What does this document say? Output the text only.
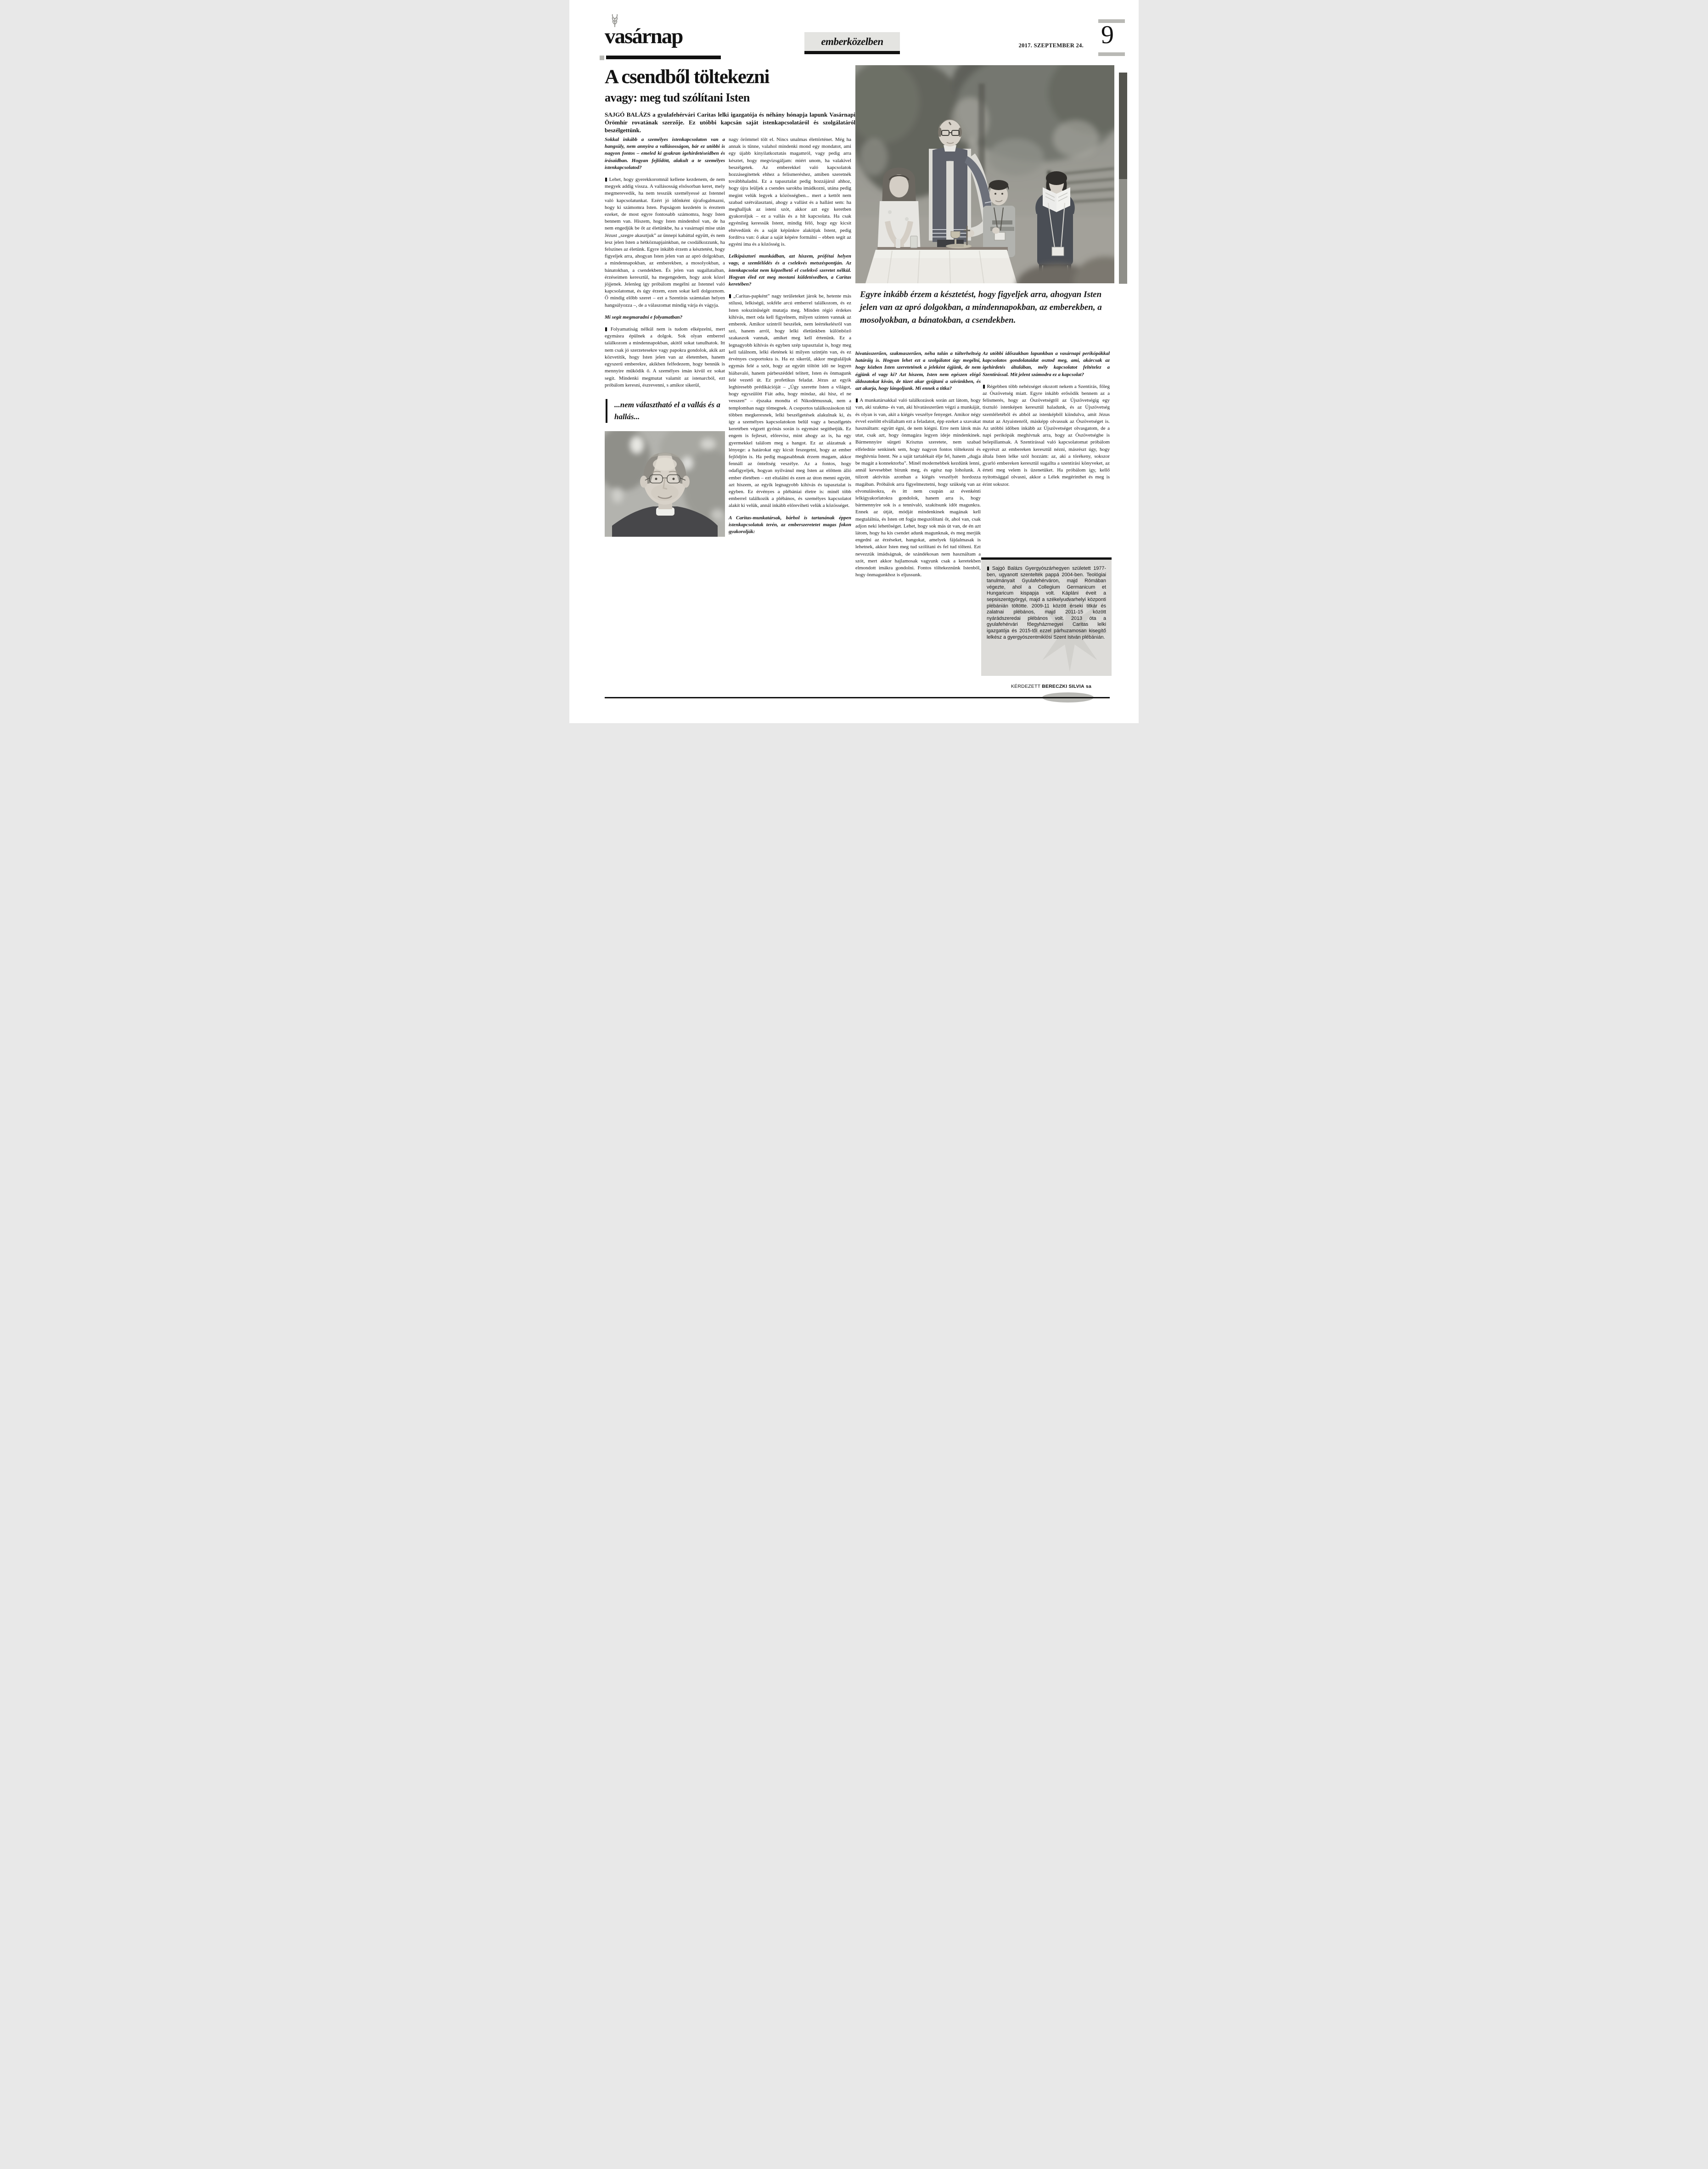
vasárnap	emberközelben	2017. SZEPTEMBER 24. 9
A csendből töltekezni
avagy: meg tud szólítani Isten

SAJGÓ BALÁZS a gyulafehérvári Caritas lelki igazgatója és néhány hónapja lapunk Vasárnapi Örömhír rovatának szerzője. Ez utóbbi kapcsán saját istenkapcsolatáról és szolgálatáról beszélgettünk.

Egyre inkább érzem a késztetést, hogy figyeljek arra, ahogyan Isten jelen van az apró dolgokban, a mindennapokban, az emberekben, a mosolyokban, a bánatokban, a csendekben.

Sokkal inkább a személyes istenkapcsolaton van a hangsúly, nem annyira a vallásosságon, bár ez utóbbi is nagyon fontos – emeled ki gyakran igehirdetéseidben és írásaidban. Hogyan fejlődött, alakult a te személyes istenkapcsolatod?

▮ Lehet, hogy gyerekkoromnál kellene kezdenem, de nem megyek addig vissza. A vallásosság elsősorban keret, mely megmerevedik, ha nem tesszük személyessé az Istennel való kapcsolatunkat. Ezért jó időnként újrafogalmazni, hogy ki számomra Isten. Papságom kezdetén is éreztem ezeket, de most egyre fontosabb számomra, hogy Isten bennem van. Hiszem, hogy Isten mindenhol van, de ha nem engedjük be őt az életünkbe, ha a vasárnapi mise után Jézust „szegre akasztjuk” az ünnepi kabáttal együtt, és nem lesz jelen Isten a hétköznapjainkban, ne csodálkozzunk, ha felszínes az életünk. Egyre inkább érzem a késztetést, hogy figyeljek arra, ahogyan Isten jelen van az apró dolgokban, a mindennapokban, az emberekben, a mosolyokban, a bánatokban, a csendekben. És jelen van sugallataiban, érzéseimen keresztül, ha megengedem, hogy azok közel jöjjenek. Jelenleg így próbálom megélni az Istennel való kapcsolatomat, és úgy érzem, ezen sokat kell dolgoznom. Ő mindig előbb szeret – ezt a Szentírás számtalan helyen hangsúlyozza –, de a válaszomat mindig várja és vágyja.

Mi segít megmaradni e folyamatban?

▮ Folyamatiság nélkül nem is tudom elképzelni, mert egymásra épülnek a dolgok. Sok olyan emberrel találkozom a mindennapokban, akitől sokat tanulhatok. Itt nem csak jó szerzetesekre vagy papokra gondolok, akik azt közvetítik, hogy Isten jelen van az életemben, hanem egyszerű emberekre, akikben felfedezem, hogy bennük is mennyire működik ő. A személyes imán kívül ez sokat segít. Mindenki megmutat valamit az istenarcból, ezt próbálom keresni, észrevenni, s amikor sikerül,

...nem választható el a vallás és a hallás...

nagy örömmel tölt el. Nincs unalmas élettörténet. Még ha annak is tűnne, valahol mindenki mond egy mondatot, ami egy újabb kinyilatkoztatás magamról, vagy pedig arra késztet, hogy megvizsgáljam: miért unom, ha valakivel beszélgetek. Az emberekkel való kapcsolatok hozzásegítettek ehhez a felismeréshez, amiben szeretnék továbbhaladni. Ez a tapasztalat pedig hozzájárul ahhoz, hogy újra leüljek a csendes sarokba imádkozni, utána pedig megint velük legyek a közösségben... mert a kettőt nem szabad szétválasztani, ahogy a vallást és a hallást sem: ha meghalljuk az isteni szót, akkor azt egy keretben gyakoroljuk – ez a vallás és a hit kapcsolata. Ha csak egyénileg keressük Istent, mindig félő, hogy egy kicsit eltévedünk és a saját képünkre alakítjuk Istent, pedig fordítva van: ő akar a saját képére formálni – ebben segít az egyéni ima és a közösség is.

Lelkipásztori munkádban, azt hiszem, prófétai helyen vagy, a szemlélődés és a cselekvés metszéspontján. Az istenkapcsolat nem képzelhető el cselekvő szeretet nélkül. Hogyan éled ezt meg mostani küldetésedben, a Caritas keretében?

▮ „Caritas-papként” nagy területeket járok be, hetente más stílusú, lelkiségű, sokféle arcú emberrel találkozom, és ez Isten sokszínűségét mutatja meg. Minden régió érdekes kihívás, mert oda kell figyelnem, milyen szinten vannak az emberek. Amikor szintről beszélek, nem leértékelésről van szó, hanem arról, hogy lelki életünkben különböző szakaszok vannak, amiket meg kell értenünk. Ez a legnagyobb kihívás és egyben szép tapasztalat is, hogy meg kell találnom, lelki életének ki milyen szintjén van, és ez érvényes csoportokra is. Ha ez sikerül, akkor megtaláljuk egymás felé a szót, hogy az együtt töltött idő ne legyen hiábavaló, hanem párbeszéddel telített, Isten és önmagunk felé vezető út. Ez profetikus feladat. Jézus az egyik leghíresebb prédikációját – „Úgy szerette Isten a világot, hogy egyszülött Fiát adta, hogy mindaz, aki hisz, el ne vesszen” – éjszaka mondta el Nikodémusnak, nem a templomban nagy tömegnek. A csoportos találkozásokon túl többen megkeresnek, lelki beszélgetések alakulnak ki, és így a személyes kapcsolatokon belül vagy a beszélgetés keretében végzett gyónás során is egymást segíthetjük. Ez engem is fejleszt, előrevisz, mint ahogy az is, ha egy gyermekkel találom meg a hangot. Ez az alázatnak a lényege: a határokat egy kicsit feszegetni, hogy az ember fejlődjön is. Ha pedig magasabbnak érzem magam, akkor fennáll az önteltség veszélye. Az a fontos, hogy odafigyeljek, hogyan nyilvánul meg Isten az előttem álló ember életében – ezt eltalálni és ezen az úton menni együtt, azt hiszem, az egyik legnagyobb kihívás és tapasztalat is egyben. Ez érvényes a plébániai életre is: minél több emberrel találkozik a plébános, és személyes kapcsolatot alakít ki velük, annál inkább előreviheti velük a közösséget.

A Caritas-munkatársak, bárhol is tartanának éppen istenkapcsolatuk terén, az emberszeretetet magas fokon gyakorolják:

hivatásszerűen, szakmaszerűen, néha talán a túlterheltség határáig is. Hogyan lehet ezt a szolgálatot úgy megélni, hogy közben Isten szeretetének a jeleként égjünk, de nem égjünk el vagy ki? Azt hiszem, Isten nem egészen elégő áldozatokat kíván, de tüzet akar gyújtani a szívünkben, és azt akarja, hogy lángoljunk. Mi ennek a titka?

▮ A munkatársakkal való találkozások során azt látom, hogy van, aki szakma- és van, aki hivatásszerűen végzi a munkáját, és olyan is van, akit a kiégés veszélye fenyeget. Amikor négy évvel ezelőtt elvállaltam ezt a feladatot, épp ezeket a szavakat használtam: együtt égni, de nem kiégni. Erre nem látok más utat, csak azt, hogy önmagára legyen ideje mindenkinek. Bármennyire sürgeti Krisztus szeretete, nem szabad elfelednie senkinek sem, hogy nagyon fontos töltekezni és meghívnia Istent. Ne a saját tartalékait élje fel, hanem „dugja be magát a konnektorba”. Minél modernebbek kezdünk lenni, annál kevesebbet bírunk meg, és egész nap loholunk. A túlzott aktivitás azonban a kiégés veszélyét hordozza magában. Próbálok arra figyelmeztetni, hogy szükség van az elvonulásokra, és itt nem csupán az évenkénti lelkigyakorlatokra gondolok, hanem arra is, hogy bármennyire sok is a tennivaló, szakítsunk időt magunkra. Ennek az útját, módját mindenkinek magának kell megtalálnia, és Isten ott fogja megszólítani őt, ahol van, csak adjon neki lehetőséget. Lehet, hogy sok más út van, de én azt látom, hogy ha kis csendet adunk magunknak, és meg merjük engedni az érzéseket, hangokat, amelyek fájdalmasak is lehetnek, akkor Isten meg tud szólítani és fel tud tölteni. Ezt nevezzük imádságnak, de szándékosan nem használtam a szót, mert akkor hajlamosak vagyunk csak a keretekben elmondott imákra gondolni. Fontos töltekeznünk Istenből, hogy önmagunkhoz is eljussunk.

Az utóbbi időszakban lapunkban a vasárnapi perikópákkal kapcsolatos gondolataidat osztod meg, ami, akárcsak az igehirdetés általában, mély kapcsolatot feltételez a Szentírással. Mit jelent számodra ez a kapcsolat?

▮ Régebben több nehézséget okozott nekem a Szentírás, főleg az Ószövetség miatt. Egyre inkább erősödik bennem az a felismerés, hogy az Ószövetségtől az Újszövetségig egy tisztuló istenképen keresztül haladunk, és az Újszövetség szemléletéből és abból az istenképből kiindulva, amit Jézus mutat az Atyaistenről, másképp olvassuk az Ószövetséget is. Az utóbbi időben inkább az Újszövetséget olvasgatom, de a napi perikópák meghívnak arra, hogy az Ószövetségbe is belepillantsak. A Szentírással való kapcsolatomat próbálom egyrészt az embereken keresztül nézni, másrészt úgy, hogy általa Isten lelke szól hozzám: az, aki a törékeny, sokszor gyarló embereken keresztül sugallta a szentírási könyveket, az érteti meg velem is üzenetüket. Ha próbálom így, kellő nyitottsággal olvasni, akkor a Lélek megérinthet és meg is érint sokszor.

▮ Sajgó Balázs Gyergyószárhegyen született 1977-ben, ugyanott szentelték pappá 2004-ben. Teológiai tanulmányait Gyulafehérváron, majd Rómában végezte, ahol a Collegium Germanicum et Hungaricum kispapja volt. Kápláni éveit a sepsiszentgyörgyi, majd a székelyudvarhelyi központi plébánián töltötte. 2009-11 között érseki titkár és zalatnai plébános, majd 2011-15 között nyárádszeredai plébános volt. 2013 óta a gyulafehérvári főegyházmegyei Caritas lelki igazgatója és 2015-től ezzel párhuzamosan kisegítő lelkész a gyergyószentmiklósi Szent István plébánián.
KÉRDEZETT BERECZKI SILVIA sa
